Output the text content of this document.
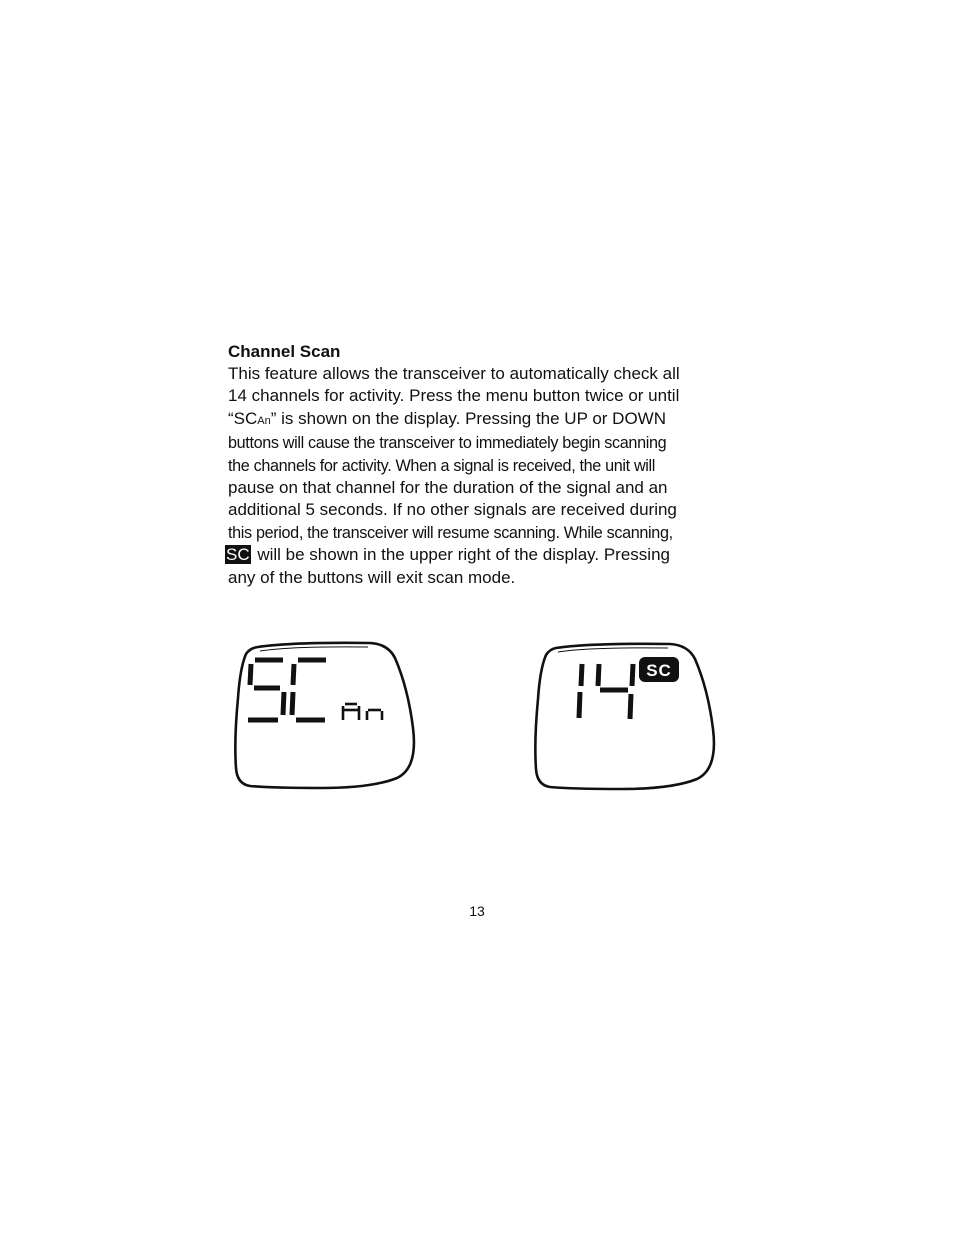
Channel Scan

This feature allows the transceiver to automatically check all
14 channels for activity. Press the menu button twice or until
“SCAn” is shown on the display. Pressing the UP or DOWN
buttons will cause the transceiver to immediately begin scanning
the channels for activity. When a signal is received, the unit will
pause on that channel for the duration of the signal and an
additional 5 seconds. If no other signals are received during
this period, the transceiver will resume scanning. While scanning,
SC will be shown in the upper right of the display. Pressing
any of the buttons will exit scan mode.

SC

13
